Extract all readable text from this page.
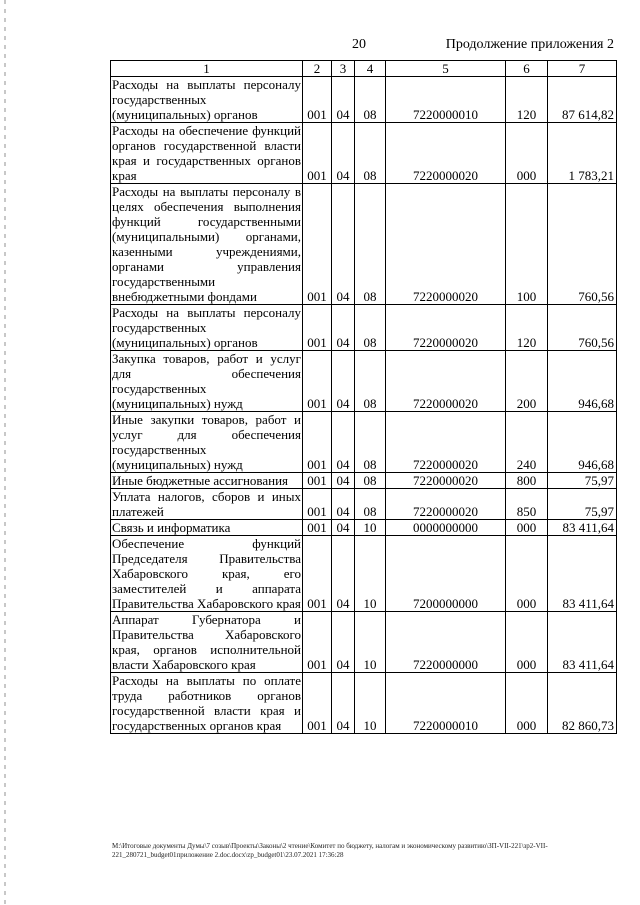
20	Продолжение приложения 2
1	2	3	4	5	6	7
Расходы на выплаты персоналу государственных (муниципальных) органов	001	04	08	7220000010	120	87 614,82
Расходы на обеспечение функций органов государственной власти края и государственных органов края	001	04	08	7220000020	000	1 783,21
Расходы на выплаты персоналу в целях обеспечения выполнения функций государственными (муниципальными) органами, казенными учреждениями, органами управления государственными внебюджетными фондами	001	04	08	7220000020	100	760,56
Расходы на выплаты персоналу государственных (муниципальных) органов	001	04	08	7220000020	120	760,56
Закупка товаров, работ и услуг для обеспечения государственных (муниципальных) нужд	001	04	08	7220000020	200	946,68
Иные закупки товаров, работ и услуг для обеспечения государственных (муниципальных) нужд	001	04	08	7220000020	240	946,68
Иные бюджетные ассигнования	001	04	08	7220000020	800	75,97
Уплата налогов, сборов и иных платежей	001	04	08	7220000020	850	75,97
Связь и информатика	001	04	10	0000000000	000	83 411,64
Обеспечение функций Председателя Правительства Хабаровского края, его заместителей и аппарата Правительства Хабаровского края	001	04	10	7200000000	000	83 411,64
Аппарат Губернатора и Правительства Хабаровского края, органов исполнительной власти Хабаровского края	001	04	10	7220000000	000	83 411,64
Расходы на выплаты по оплате труда работников органов государственной власти края и государственных органов края	001	04	10	7220000010	000	82 860,73
М:\Итоговые документы Думы\7 созыв\Проекты\Законы\2 чтение\Комитет по бюджету, налогам и экономическому развитию\ЗП-VII-221\зр2-VII-221_280721_budget01приложение 2.doc.docx\zp_budget01\23.07.2021 17:36:28
